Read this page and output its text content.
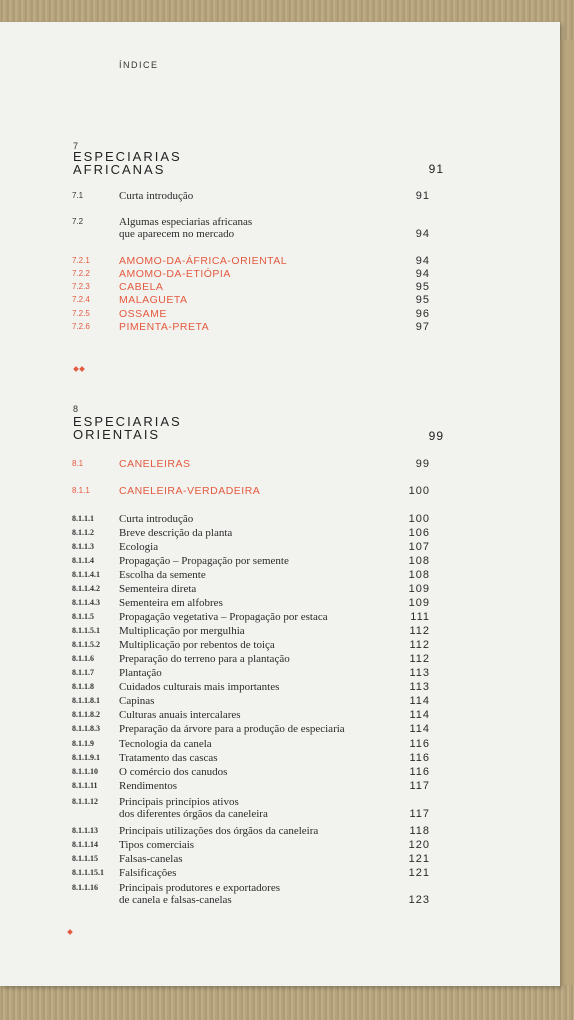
ÍNDICE
7
ESPECIARIAS
AFRICANAS	91
7.1	Curta introdução	91
7.2	Algumas especiarias africanas
que aparecem no mercado	94
7.2.1	AMOMO-DA-ÁFRICA-ORIENTAL	94
7.2.2	AMOMO-DA-ETIÓPIA	94
7.2.3	CABELA	95
7.2.4	MALAGUETA	95
7.2.5	OSSAME	96
7.2.6	PIMENTA-PRETA	97
8
ESPECIARIAS
ORIENTAIS	99
8.1	CANELEIRAS	99
8.1.1	CANELEIRA-VERDADEIRA	100
8.1.1.1 Curta introdução	100
8.1.1.2 Breve descrição da planta	106
8.1.1.3 Ecologia	107
8.1.1.4 Propagação – Propagação por semente	108
8.1.1.4.1 Escolha da semente	108
8.1.1.4.2 Sementeira direta	109
8.1.1.4.3 Sementeira em alfobres	109
8.1.1.5 Propagação vegetativa – Propagação por estaca	111
8.1.1.5.1 Multiplicação por mergulhia	112
8.1.1.5.2 Multiplicação por rebentos de toiça	112
8.1.1.6 Preparação do terreno para a plantação	112
8.1.1.7 Plantação	113
8.1.1.8 Cuidados culturais mais importantes	113
8.1.1.8.1 Capinas	114
8.1.1.8.2 Culturas anuais intercalares	114
8.1.1.8.3 Preparação da árvore para a produção de especiaria	114
8.1.1.9 Tecnologia da canela	116
8.1.1.9.1 Tratamento das cascas	116
8.1.1.10 O comércio dos canudos	116
8.1.1.11 Rendimentos	117
8.1.1.12 Principais princípios ativos
dos diferentes órgãos da caneleira	117
8.1.1.13 Principais utilizações dos órgãos da caneleira	118
8.1.1.14 Tipos comerciais	120
8.1.1.15 Falsas-canelas	121
8.1.1.15.1 Falsificações	121
8.1.1.16 Principais produtores e exportadores
de canela e falsas-canelas	123
